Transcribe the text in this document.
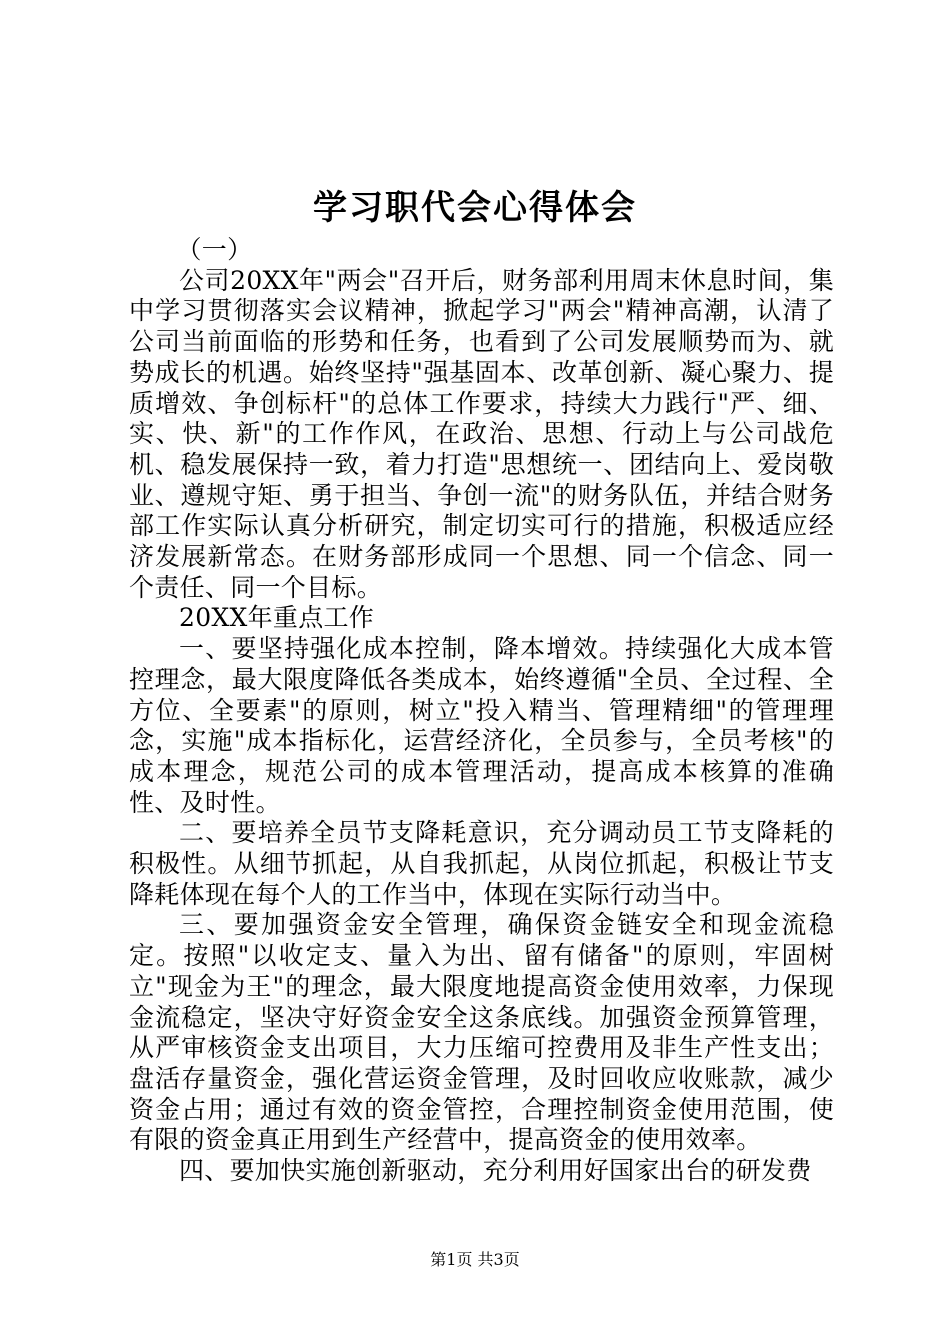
学习职代会心得体会

（一）

公司20XX年"两会"召开后，财务部利用周末休息时间，集中学习贯彻落实会议精神，掀起学习"两会"精神高潮，认清了公司当前面临的形势和任务，也看到了公司发展顺势而为、就势成长的机遇。始终坚持"强基固本、改革创新、凝心聚力、提质增效、争创标杆"的总体工作要求，持续大力践行"严、细、实、快、新"的工作作风，在政治、思想、行动上与公司战危机、稳发展保持一致，着力打造"思想统一、团结向上、爱岗敬业、遵规守矩、勇于担当、争创一流"的财务队伍，并结合财务部工作实际认真分析研究，制定切实可行的措施，积极适应经济发展新常态。在财务部形成同一个思想、同一个信念、同一个责任、同一个目标。

20XX年重点工作

一、要坚持强化成本控制，降本增效。持续强化大成本管控理念，最大限度降低各类成本，始终遵循"全员、全过程、全方位、全要素"的原则，树立"投入精当、管理精细"的管理理念，实施"成本指标化，运营经济化，全员参与，全员考核"的成本理念，规范公司的成本管理活动，提高成本核算的准确性、及时性。

二、要培养全员节支降耗意识，充分调动员工节支降耗的积极性。从细节抓起，从自我抓起，从岗位抓起，积极让节支降耗体现在每个人的工作当中，体现在实际行动当中。

三、要加强资金安全管理，确保资金链安全和现金流稳定。按照"以收定支、量入为出、留有储备"的原则，牢固树立"现金为王"的理念，最大限度地提高资金使用效率，力保现金流稳定，坚决守好资金安全这条底线。加强资金预算管理，从严审核资金支出项目，大力压缩可控费用及非生产性支出；盘活存量资金，强化营运资金管理，及时回收应收账款，减少资金占用；通过有效的资金管控，合理控制资金使用范围，使有限的资金真正用到生产经营中，提高资金的使用效率。

四、要加快实施创新驱动，充分利用好国家出台的研发费

第1页 共3页
